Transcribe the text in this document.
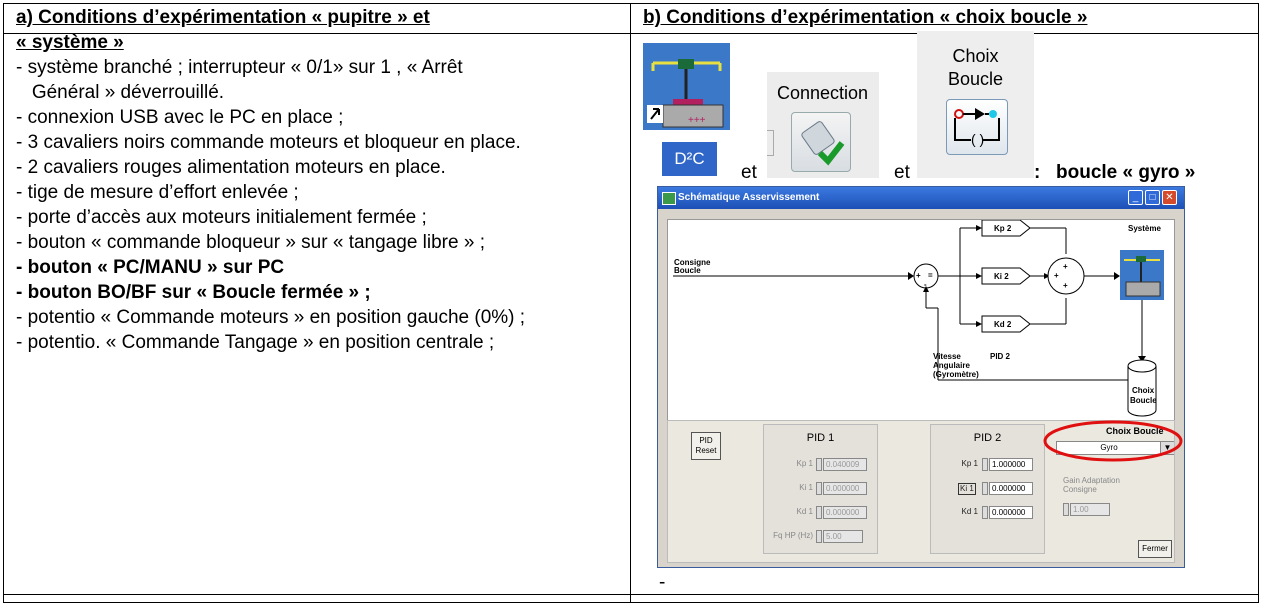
a) Conditions d’expérimentation « pupitre » et
« système »
- système branché ; interrupteur « 0/1» sur 1 , « Arrêt
Général » déverrouillé.
- connexion USB avec le PC en place ;
- 3 cavaliers noirs commande moteurs et bloqueur en place.
- 2 cavaliers rouges alimentation moteurs en place.
- tige de mesure d’effort enlevée ;
- porte d’accès aux moteurs initialement fermée ;
- bouton « commande bloqueur » sur « tangage libre » ;
- bouton « PC/MANU » sur PC
- bouton BO/BF sur « Boucle fermée » ;
- potentio « Commande moteurs » en position gauche (0%) ;
- potentio. « Commande Tangage » en position centrale ;
b) Conditions d’expérimentation « choix boucle »
+++
D²C
et
Connection
et
Choix
Boucle
( )
: boucle « gyro »
Schématique Asservissement	_	□ ✕
Consigne
Boucle
Système
Kp 2
Ki 2
Kd 2
+ =
-
+
+
+
Vitesse
Angulaire
(Gyromètre)
PID 2
Choix
Boucle
PID
Reset
PID 1
Kp 1	0.040009
Ki 1	0.000000
Kd 1	0.000000
Fq HP (Hz)	5.00
PID 2
Kp 1	1.000000
Ki 1	0.000000
Kd 1	0.000000
Choix Boucle
Gyro	▼
Gain Adaptation
Consigne
1.00
Fermer
-
